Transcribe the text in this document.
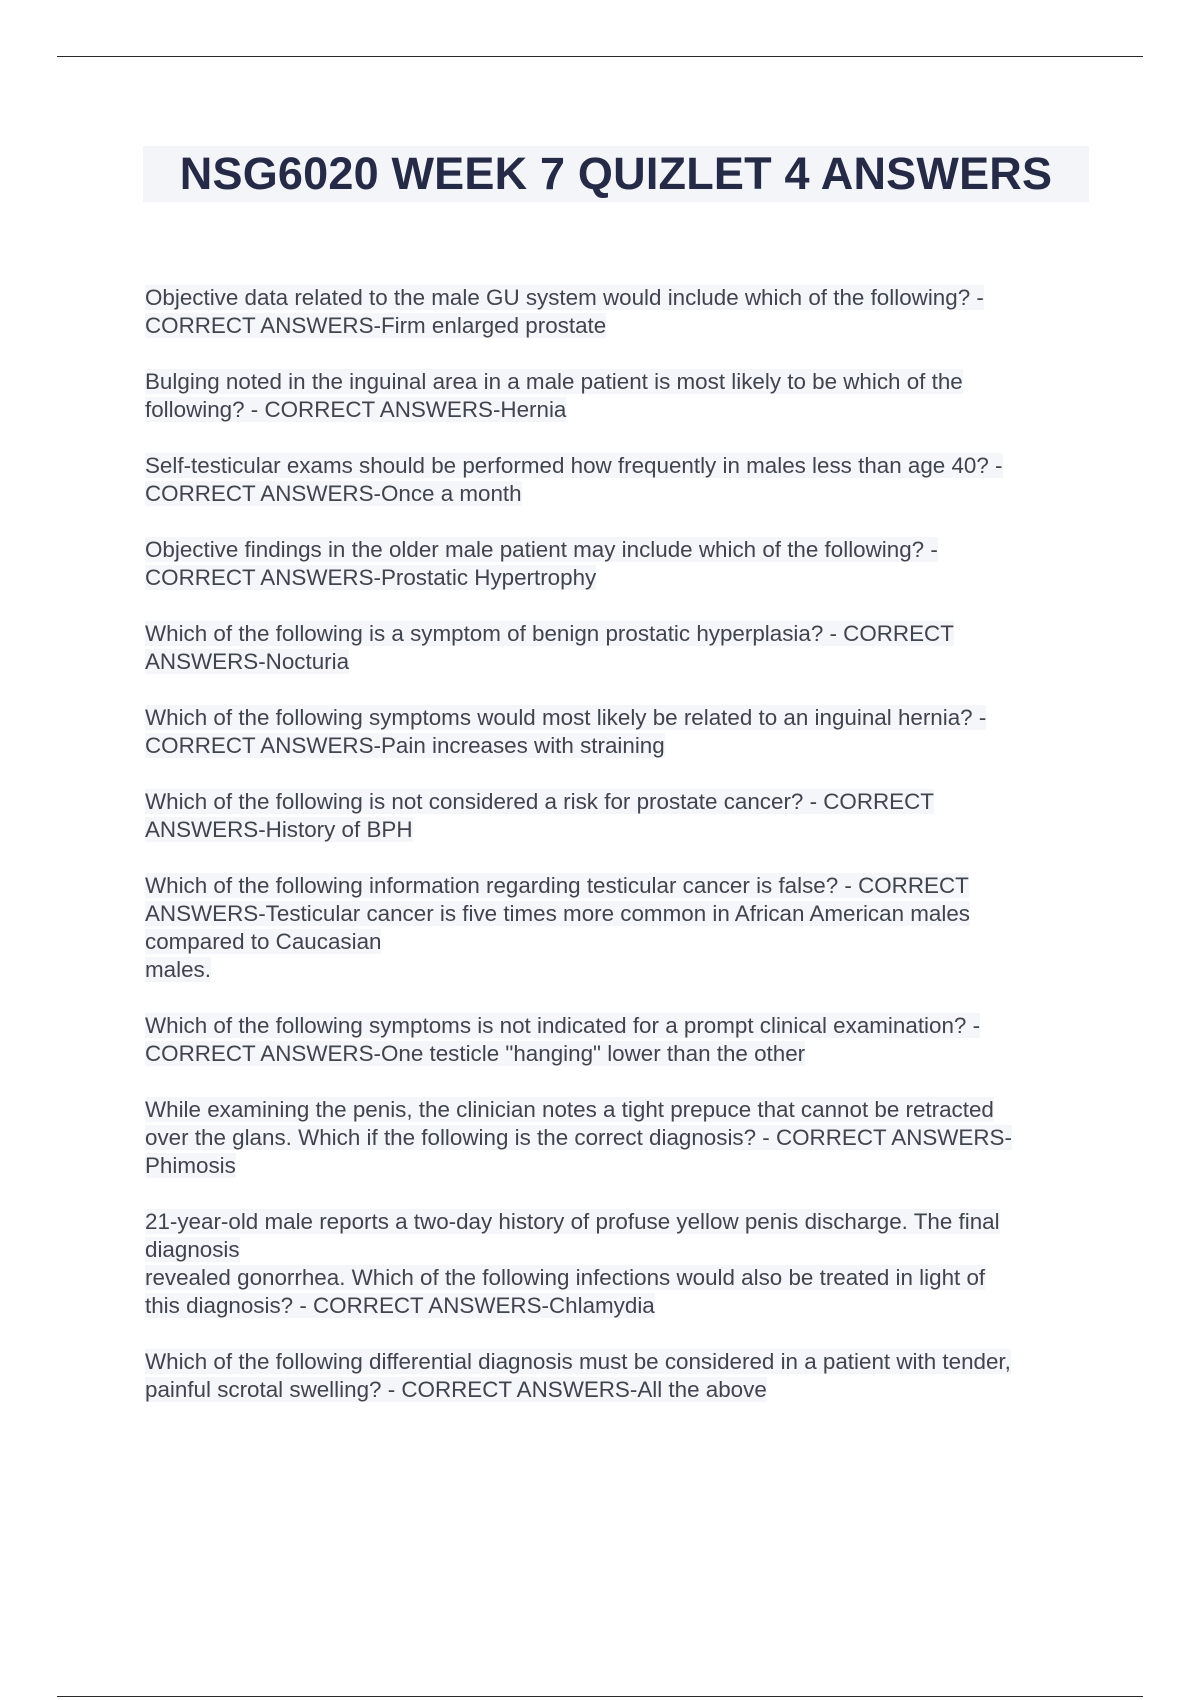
NSG6020 WEEK 7 QUIZLET 4 ANSWERS
Objective data related to the male GU system would include which of the following? -
CORRECT ANSWERS-Firm enlarged prostate
Bulging noted in the inguinal area in a male patient is most likely to be which of the
following? - CORRECT ANSWERS-Hernia
Self-testicular exams should be performed how frequently in males less than age 40? -
CORRECT ANSWERS-Once a month
Objective findings in the older male patient may include which of the following? -
CORRECT ANSWERS-Prostatic Hypertrophy
Which of the following is a symptom of benign prostatic hyperplasia? - CORRECT
ANSWERS-Nocturia
Which of the following symptoms would most likely be related to an inguinal hernia? -
CORRECT ANSWERS-Pain increases with straining
Which of the following is not considered a risk for prostate cancer? - CORRECT
ANSWERS-History of BPH
Which of the following information regarding testicular cancer is false? - CORRECT
ANSWERS-Testicular cancer is five times more common in African American males
compared to Caucasian
males.
Which of the following symptoms is not indicated for a prompt clinical examination? -
CORRECT ANSWERS-One testicle "hanging" lower than the other
While examining the penis, the clinician notes a tight prepuce that cannot be retracted
over the glans. Which if the following is the correct diagnosis? - CORRECT ANSWERS-
Phimosis
21-year-old male reports a two-day history of profuse yellow penis discharge. The final
diagnosis
revealed gonorrhea. Which of the following infections would also be treated in light of
this diagnosis? - CORRECT ANSWERS-Chlamydia
Which of the following differential diagnosis must be considered in a patient with tender,
painful scrotal swelling? - CORRECT ANSWERS-All the above
